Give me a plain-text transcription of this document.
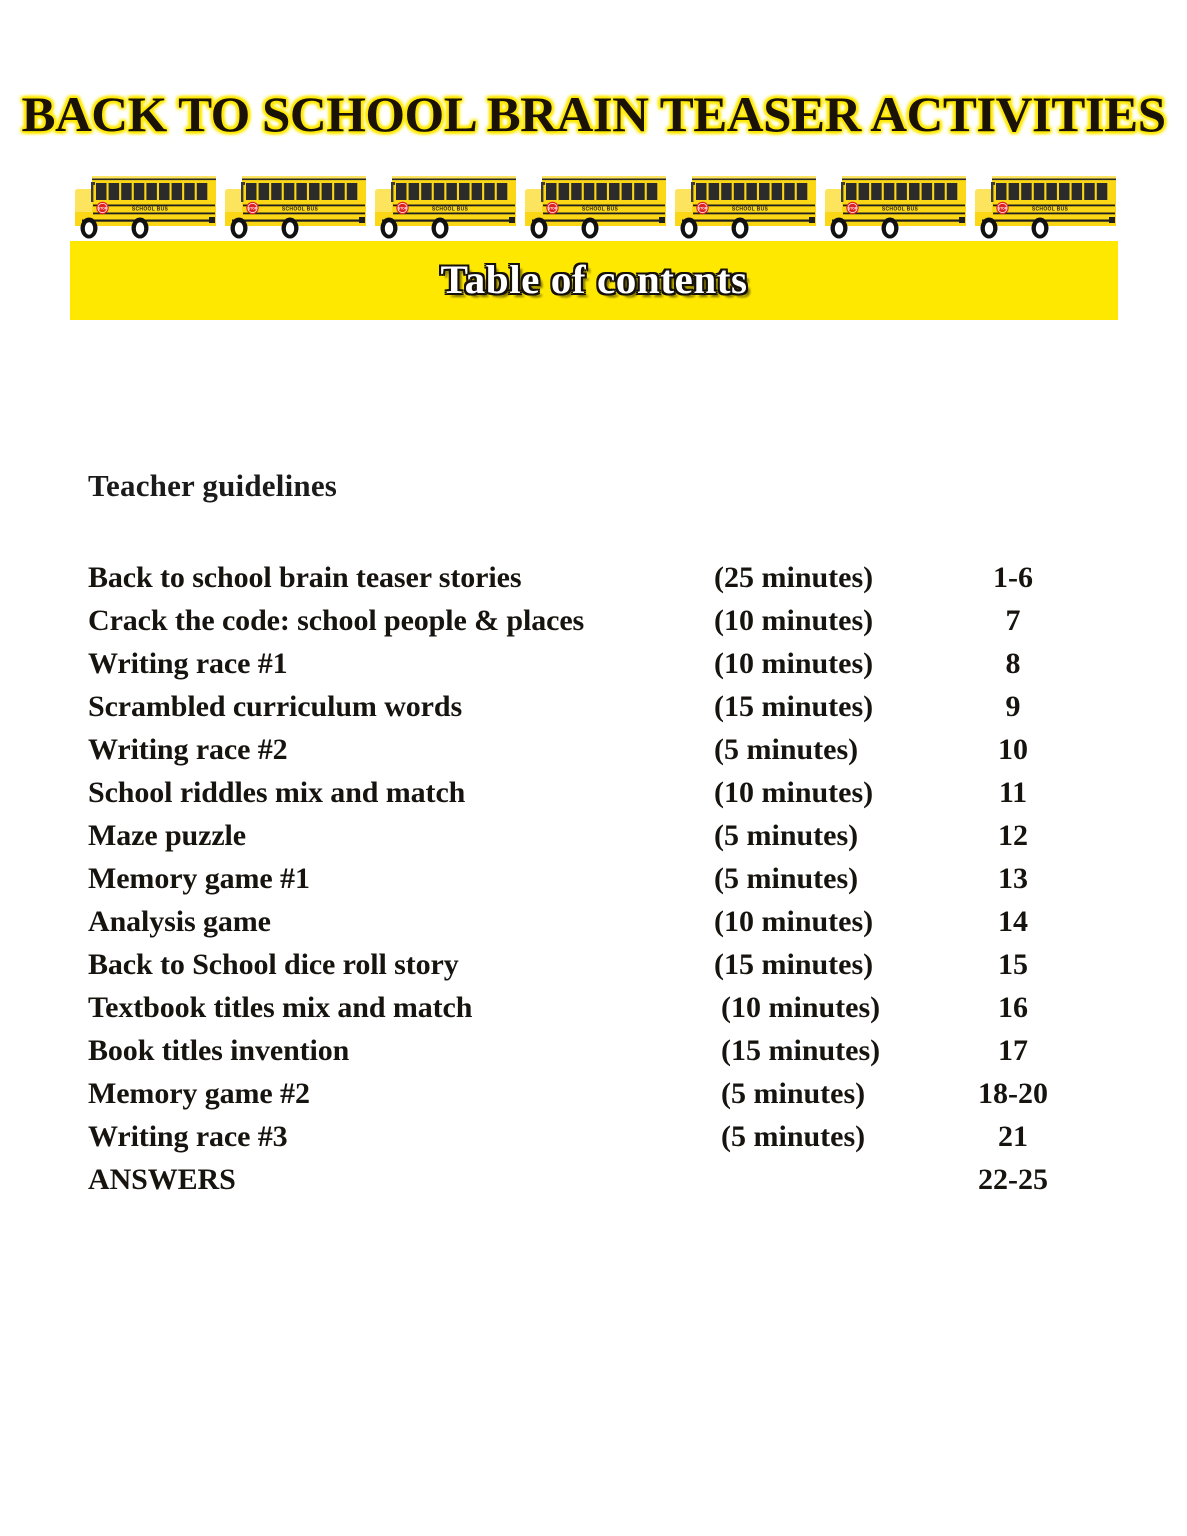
BACK TO SCHOOL BRAIN TEASER ACTIVITIES
STOP	SCHOOL BUS	STOP	SCHOOL BUS	STOP	SCHOOL BUS	STOP	SCHOOL BUS	STOP	SCHOOL BUS	STOP	SCHOOL BUS	STOP	SCHOOL BUS
Table of contents
Teacher guidelines
Back to school brain teaser stories	(25 minutes)	1-6
Crack the code: school people & places	(10 minutes)	7
Writing race #1	(10 minutes)	8
Scrambled curriculum words	(15 minutes)	9
Writing race #2	(5 minutes)	10
School riddles mix and match	(10 minutes)	11
Maze puzzle	(5 minutes)	12
Memory game #1	(5 minutes)	13
Analysis game	(10 minutes)	14
Back to School dice roll story	(15 minutes)	15
Textbook titles mix and match	(10 minutes)	16
Book titles invention	(15 minutes)	17
Memory game #2	(5 minutes)	18-20
Writing race #3	(5 minutes)	21
ANSWERS	22-25
